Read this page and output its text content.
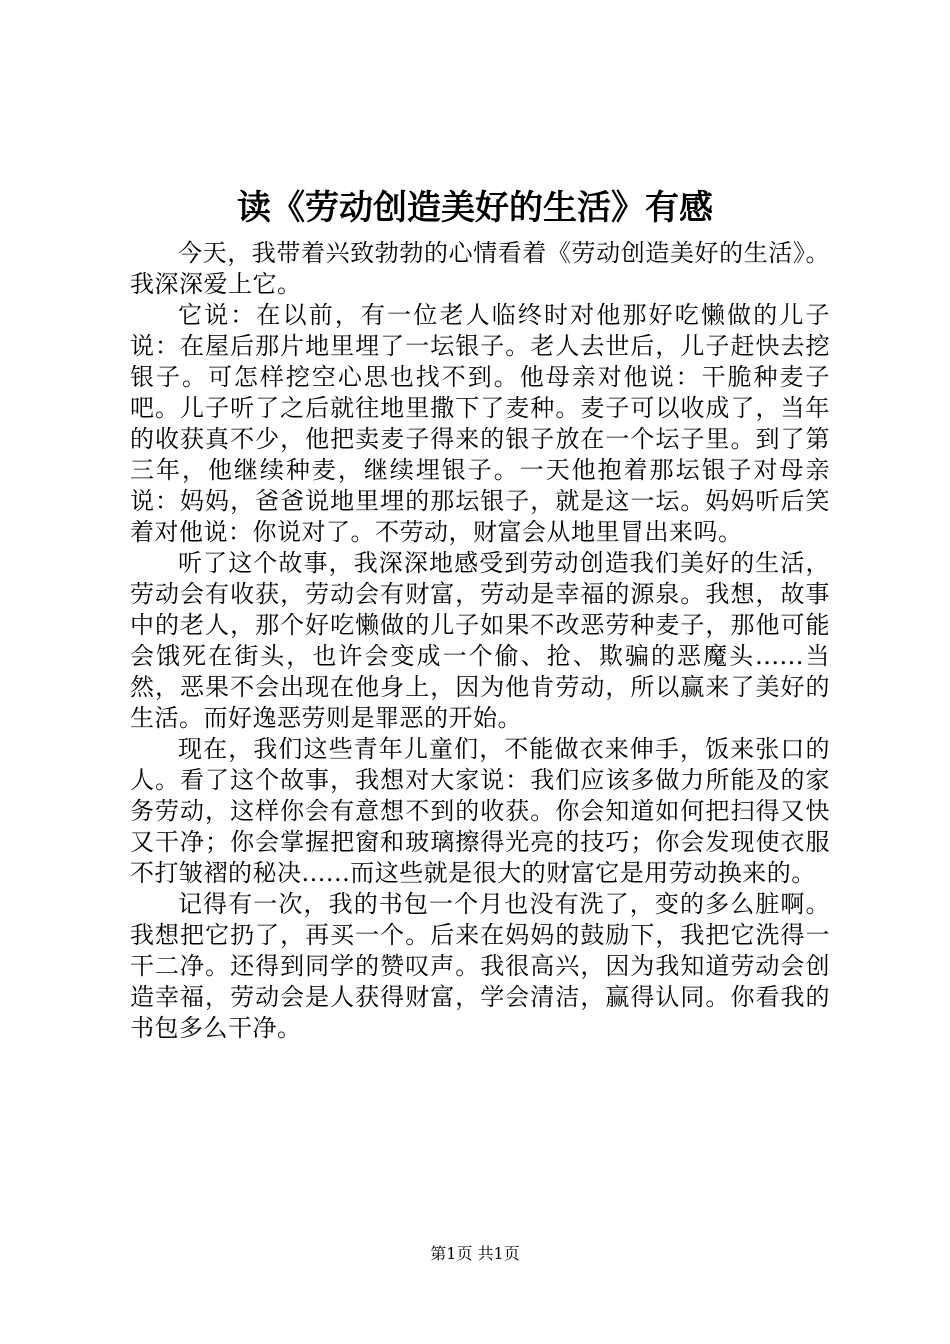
读《劳动创造美好的生活》有感

今天，我带着兴致勃勃的心情看着《劳动创造美好的生活》。我深深爱上它。

它说：在以前，有一位老人临终时对他那好吃懒做的儿子说：在屋后那片地里埋了一坛银子。老人去世后，儿子赶快去挖银子。可怎样挖空心思也找不到。他母亲对他说：干脆种麦子吧。儿子听了之后就往地里撒下了麦种。麦子可以收成了，当年的收获真不少，他把卖麦子得来的银子放在一个坛子里。到了第三年，他继续种麦，继续埋银子。一天他抱着那坛银子对母亲说：妈妈，爸爸说地里埋的那坛银子，就是这一坛。妈妈听后笑着对他说：你说对了。不劳动，财富会从地里冒出来吗。

听了这个故事，我深深地感受到劳动创造我们美好的生活，劳动会有收获，劳动会有财富，劳动是幸福的源泉。我想，故事中的老人，那个好吃懒做的儿子如果不改恶劳种麦子，那他可能会饿死在街头，也许会变成一个偷、抢、欺骗的恶魔头......当然，恶果不会出现在他身上，因为他肯劳动，所以赢来了美好的生活。而好逸恶劳则是罪恶的开始。

现在，我们这些青年儿童们，不能做衣来伸手，饭来张口的人。看了这个故事，我想对大家说：我们应该多做力所能及的家务劳动，这样你会有意想不到的收获。你会知道如何把扫得又快又干净；你会掌握把窗和玻璃擦得光亮的技巧；你会发现使衣服不打皱褶的秘决......而这些就是很大的财富它是用劳动换来的。

记得有一次，我的书包一个月也没有洗了，变的多么脏啊。我想把它扔了，再买一个。后来在妈妈的鼓励下，我把它洗得一干二净。还得到同学的赞叹声。我很高兴，因为我知道劳动会创造幸福，劳动会是人获得财富，学会清洁，赢得认同。你看我的书包多么干净。

第1页 共1页
